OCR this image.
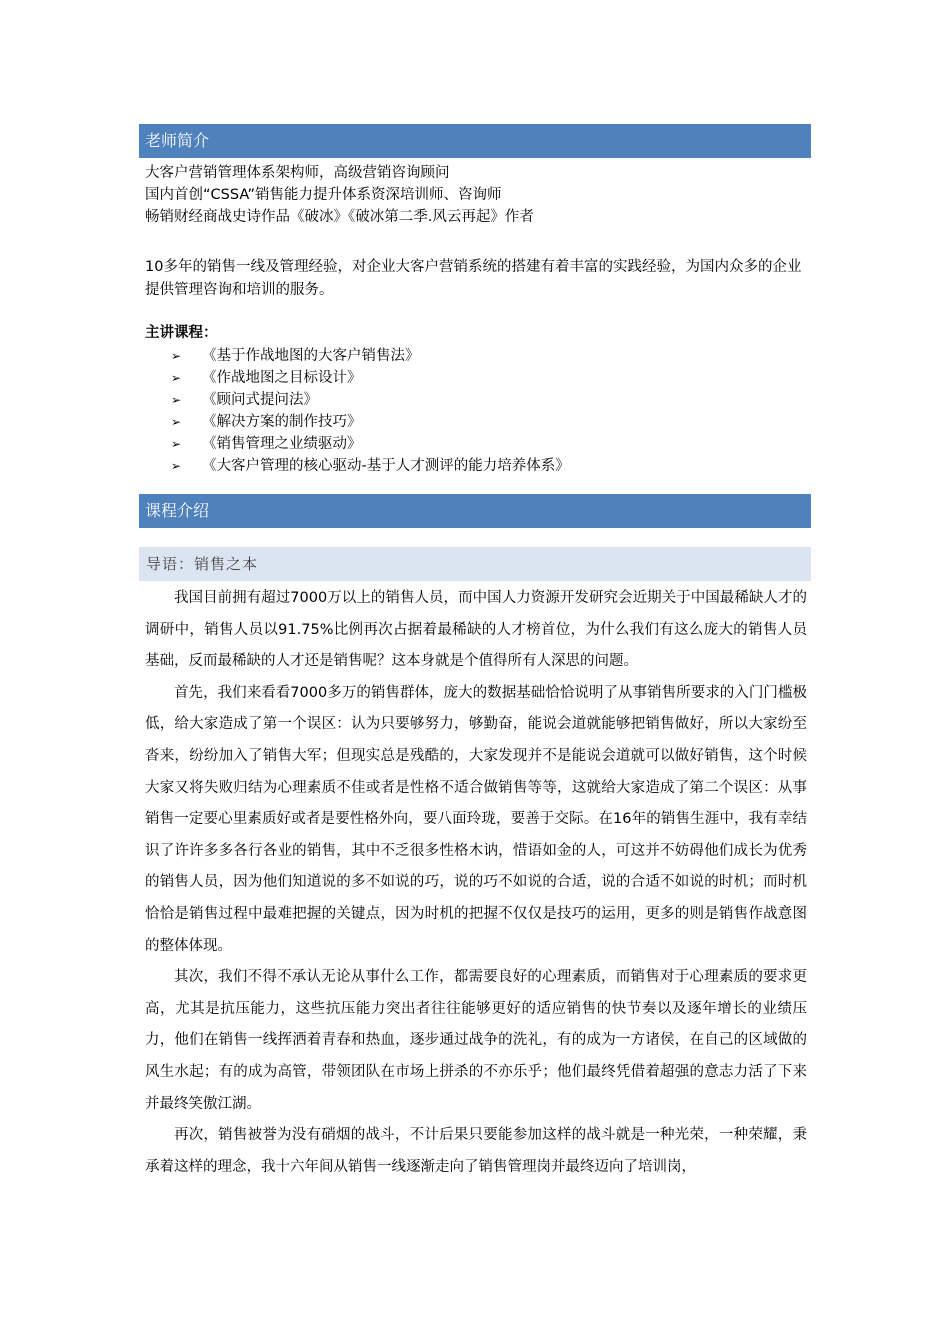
老师简介

大客户营销管理体系架构师，高级营销咨询顾问

国内首创“CSSA”销售能力提升体系资深培训师、咨询师

畅销财经商战史诗作品《破冰》《破冰第二季.风云再起》作者

10多年的销售一线及管理经验，对企业大客户营销系统的搭建有着丰富的实践经验，为国内众多的企业提供管理咨询和培训的服务。
主讲课程：
➢ 《基于作战地图的大客户销售法》
➢ 《作战地图之目标设计》
➢ 《顾问式提问法》
➢ 《解决方案的制作技巧》
➢ 《销售管理之业绩驱动》
➢ 《大客户管理的核心驱动-基于人才测评的能力培养体系》
课程介绍
导语：销售之本

我国目前拥有超过7000万以上的销售人员，而中国人力资源开发研究会近期关于中国最稀缺人才的调研中，销售人员以91.75%比例再次占据着最稀缺的人才榜首位，为什么我们有这么庞大的销售人员基础，反而最稀缺的人才还是销售呢？这本身就是个值得所有人深思的问题。

首先，我们来看看7000多万的销售群体，庞大的数据基础恰恰说明了从事销售所要求的入门门槛极低，给大家造成了第一个误区：认为只要够努力，够勤奋，能说会道就能够把销售做好，所以大家纷至沓来，纷纷加入了销售大军；但现实总是残酷的，大家发现并不是能说会道就可以做好销售，这个时候大家又将失败归结为心理素质不佳或者是性格不适合做销售等等，这就给大家造成了第二个误区：从事销售一定要心里素质好或者是要性格外向，要八面玲珑，要善于交际。在16年的销售生涯中，我有幸结识了许许多多各行各业的销售，其中不乏很多性格木讷，惜语如金的人，可这并不妨碍他们成长为优秀的销售人员，因为他们知道说的多不如说的巧，说的巧不如说的合适，说的合适不如说的时机；而时机恰恰是销售过程中最难把握的关键点，因为时机的把握不仅仅是技巧的运用，更多的则是销售作战意图的整体体现。

其次，我们不得不承认无论从事什么工作，都需要良好的心理素质，而销售对于心理素质的要求更高，尤其是抗压能力，这些抗压能力突出者往往能够更好的适应销售的快节奏以及逐年增长的业绩压力，他们在销售一线挥洒着青春和热血，逐步通过战争的洗礼，有的成为一方诸侯，在自己的区域做的风生水起；有的成为高管，带领团队在市场上拼杀的不亦乐乎；他们最终凭借着超强的意志力活了下来并最终笑傲江湖。

再次，销售被誉为没有硝烟的战斗，不计后果只要能参加这样的战斗就是一种光荣，一种荣耀，秉承着这样的理念，我十六年间从销售一线逐渐走向了销售管理岗并最终迈向了培训岗，
